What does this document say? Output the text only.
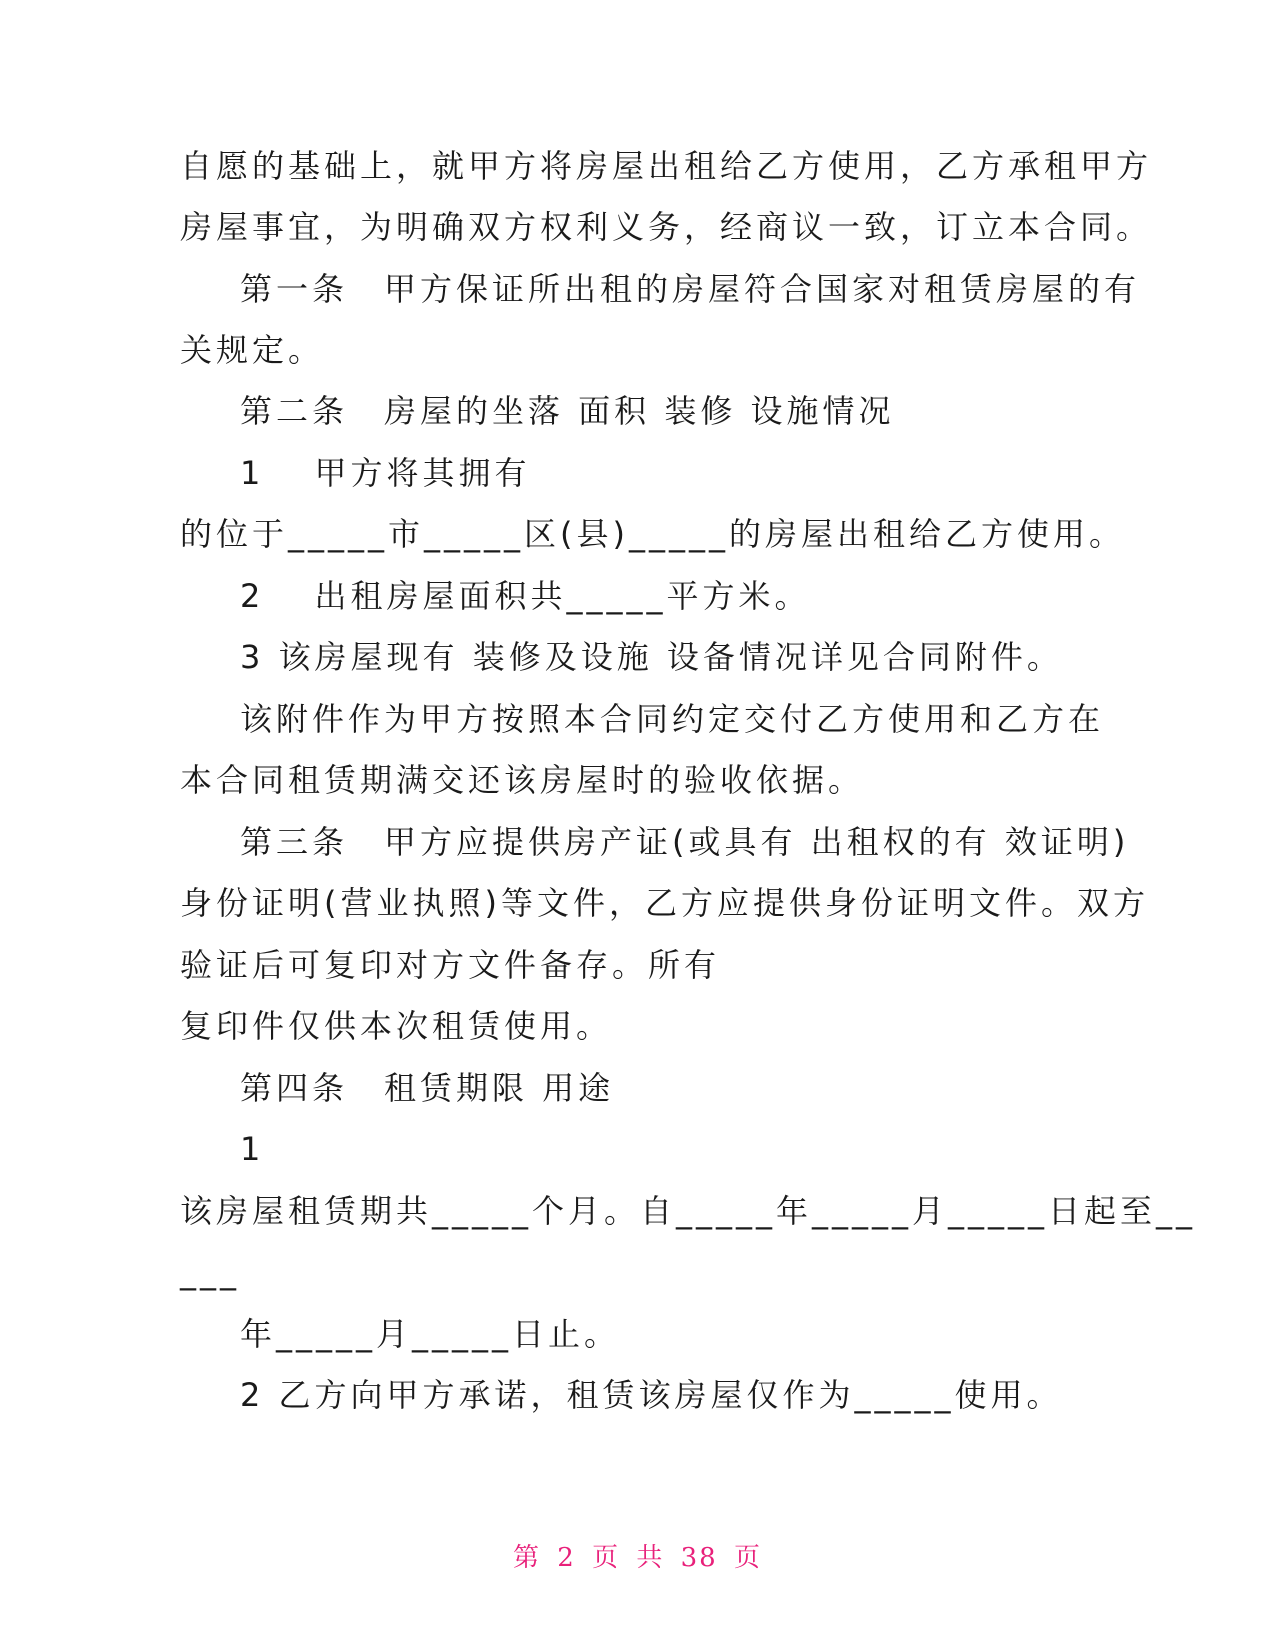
自愿的基础上，就甲方将房屋出租给乙方使用，乙方承租甲方
房屋事宜，为明确双方权利义务，经商议一致，订立本合同。
第一条　甲方保证所出租的房屋符合国家对租赁房屋的有
关规定。
第二条　房屋的坐落 面积 装修 设施情况
1　 甲方将其拥有
的位于_____市_____区(县)_____的房屋出租给乙方使用。
2　 出租房屋面积共_____平方米。
3 该房屋现有 装修及设施 设备情况详见合同附件。
该附件作为甲方按照本合同约定交付乙方使用和乙方在
本合同租赁期满交还该房屋时的验收依据。
第三条　甲方应提供房产证(或具有 出租权的有 效证明)
身份证明(营业执照)等文件，乙方应提供身份证明文件。双方
验证后可复印对方文件备存。所有
复印件仅供本次租赁使用。
第四条　租赁期限 用途
1
该房屋租赁期共_____个月。自_____年_____月_____日起至__
___
年_____月_____日止。
2 乙方向甲方承诺，租赁该房屋仅作为_____使用。
第 2 页 共 38 页
